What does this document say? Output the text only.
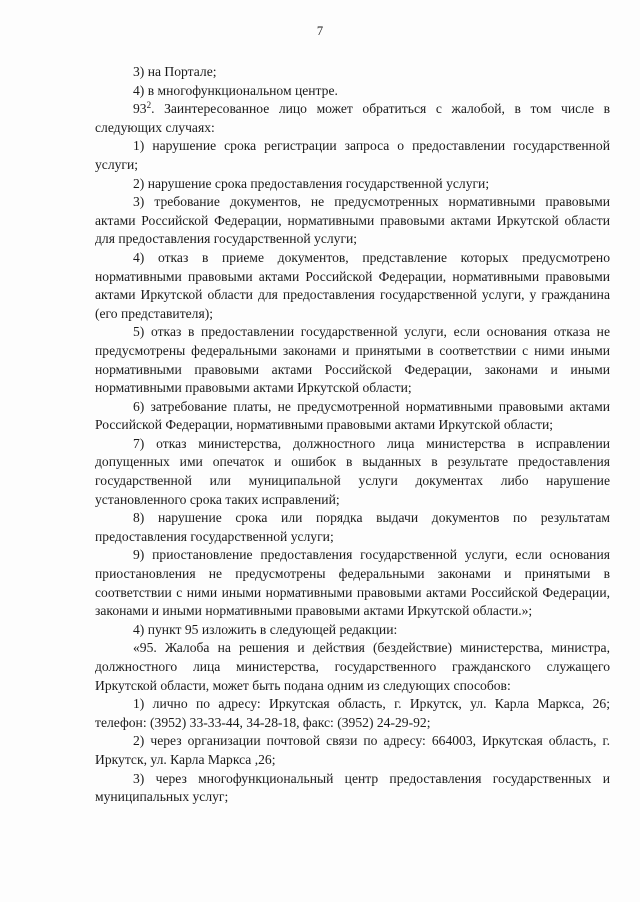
7

3) на Портале;

4) в многофункциональном центре.

$93^2$. Заинтересованное лицо может обратиться с жалобой, в том числе в следующих случаях:

1) нарушение срока регистрации запроса о предоставлении государственной услуги;

2) нарушение срока предоставления государственной услуги;

3) требование документов, не предусмотренных нормативными правовыми актами Российской Федерации, нормативными правовыми актами Иркутской области для предоставления государственной услуги;

4) отказ в приеме документов, представление которых предусмотрено нормативными правовыми актами Российской Федерации, нормативными правовыми актами Иркутской области для предоставления государственной услуги, у гражданина (его представителя);

5) отказ в предоставлении государственной услуги, если основания отказа не предусмотрены федеральными законами и принятыми в соответствии с ними иными нормативными правовыми актами Российской Федерации, законами и иными нормативными правовыми актами Иркутской области;

6) затребование платы, не предусмотренной нормативными правовыми актами Российской Федерации, нормативными правовыми актами Иркутской области;

7) отказ министерства, должностного лица министерства в исправлении допущенных ими опечаток и ошибок в выданных в результате предоставления государственной или муниципальной услуги документах либо нарушение установленного срока таких исправлений;

8) нарушение срока или порядка выдачи документов по результатам предоставления государственной услуги;

9) приостановление предоставления государственной услуги, если основания приостановления не предусмотрены федеральными законами и принятыми в соответствии с ними иными нормативными правовыми актами Российской Федерации, законами и иными нормативными правовыми актами Иркутской области.»;

4) пункт 95 изложить в следующей редакции:

«95. Жалоба на решения и действия (бездействие) министерства, министра, должностного лица министерства, государственного гражданского служащего Иркутской области, может быть подана одним из следующих способов:

1) лично по адресу: Иркутская область, г. Иркутск, ул. Карла Маркса, 26; телефон: (3952) 33-33-44, 34-28-18, факс: (3952) 24-29-92;

2) через организации почтовой связи по адресу: 664003, Иркутская область, г. Иркутск, ул. Карла Маркса ,26;

3) через многофункциональный центр предоставления государственных и муниципальных услуг;
